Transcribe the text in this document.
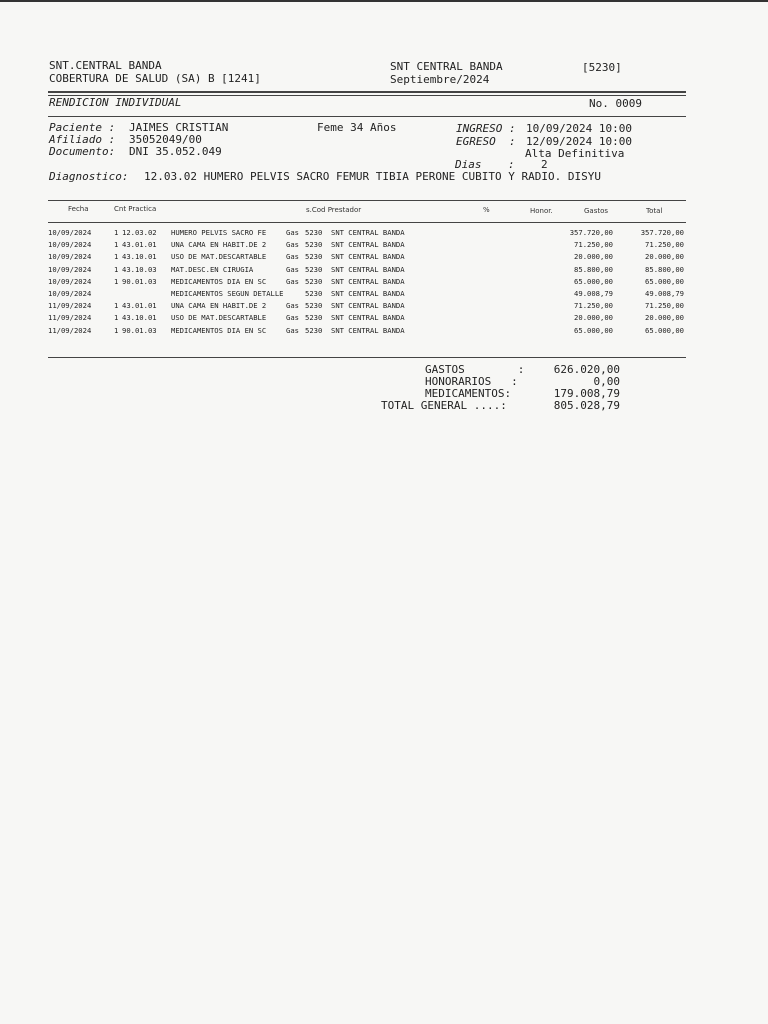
SNT.CENTRAL BANDA
COBERTURA DE SALUD (SA) B [1241]
SNT CENTRAL BANDA
Septiembre/2024
[5230]
RENDICION INDIVIDUAL	No. 0009
Paciente : JAIMES CRISTIAN	Feme 34 Años	INGRESO : 10/09/2024 10:00
Afiliado : 35052049/00	EGRESO  : 12/09/2024 10:00
Documento: DNI 35.052.049	Alta Definitiva
Dias    : 2
Diagnostico: 12.03.02 HUMERO PELVIS SACRO FEMUR TIBIA PERONE CUBITO Y RADIO. DISYU
Fecha	Cnt Practica	s.Cod Prestador	%	Honor.	Gastos	Total
10/09/2024	1 12.03.02 HUMERO PELVIS SACRO FE	Gas 5230 SNT CENTRAL BANDA	357.720,00	357.720,00
10/09/2024	1 43.01.01 UNA CAMA EN HABIT.DE 2	Gas 5230 SNT CENTRAL BANDA	71.250,00	71.250,00
10/09/2024	1 43.10.01 USO DE MAT.DESCARTABLE	Gas 5230 SNT CENTRAL BANDA	20.000,00	20.000,00
10/09/2024	1 43.10.03 MAT.DESC.EN CIRUGIA	Gas 5230 SNT CENTRAL BANDA	85.800,00	85.800,00
10/09/2024	1 90.01.03 MEDICAMENTOS DIA EN SC	Gas 5230 SNT CENTRAL BANDA	65.000,00	65.000,00
10/09/2024	MEDICAMENTOS SEGUN DETALLE	5230 SNT CENTRAL BANDA	49.008,79	49.008,79
11/09/2024	1 43.01.01 UNA CAMA EN HABIT.DE 2	Gas 5230 SNT CENTRAL BANDA	71.250,00	71.250,00
11/09/2024	1 43.10.01 USO DE MAT.DESCARTABLE	Gas 5230 SNT CENTRAL BANDA	20.000,00	20.000,00
11/09/2024	1 90.01.03 MEDICAMENTOS DIA EN SC	Gas 5230 SNT CENTRAL BANDA	65.000,00	65.000,00
GASTOS        :	626.020,00
HONORARIOS   :	0,00
MEDICAMENTOS:	179.008,79
TOTAL GENERAL ....:	805.028,79
